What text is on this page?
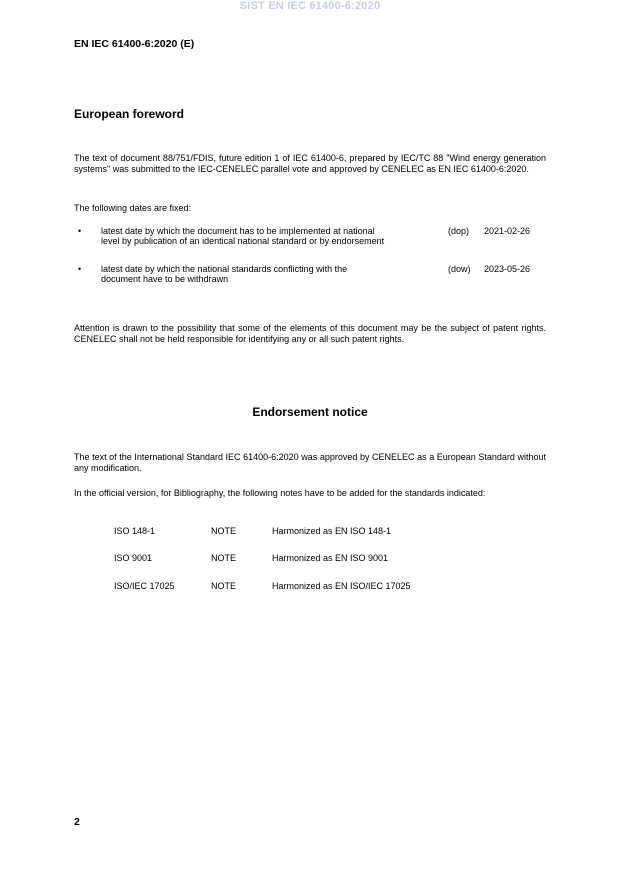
SIST EN IEC 61400-6:2020
EN IEC 61400-6:2020 (E)
European foreword
The text of document 88/751/FDIS, future edition 1 of IEC 61400-6, prepared by IEC/TC 88 "Wind energy generation systems" was submitted to the IEC-CENELEC parallel vote and approved by CENELEC as EN IEC 61400-6:2020.
The following dates are fixed:
• latest date by which the document has to be implemented at national
level by publication of an identical national standard or by endorsement
(dop) 2021-02-26
• latest date by which the national standards conflicting with the
document have to be withdrawn
(dow) 2023-05-26
Attention is drawn to the possibility that some of the elements of this document may be the subject of patent rights. CENELEC shall not be held responsible for identifying any or all such patent rights.
Endorsement notice
The text of the International Standard IEC 61400-6:2020 was approved by CENELEC as a European Standard without any modification.
In the official version, for Bibliography, the following notes have to be added for the standards indicated:
ISO 148-1	NOTE	Harmonized as EN ISO 148-1
ISO 9001	NOTE	Harmonized as EN ISO 9001
ISO/IEC 17025	NOTE	Harmonized as EN ISO/IEC 17025
2
